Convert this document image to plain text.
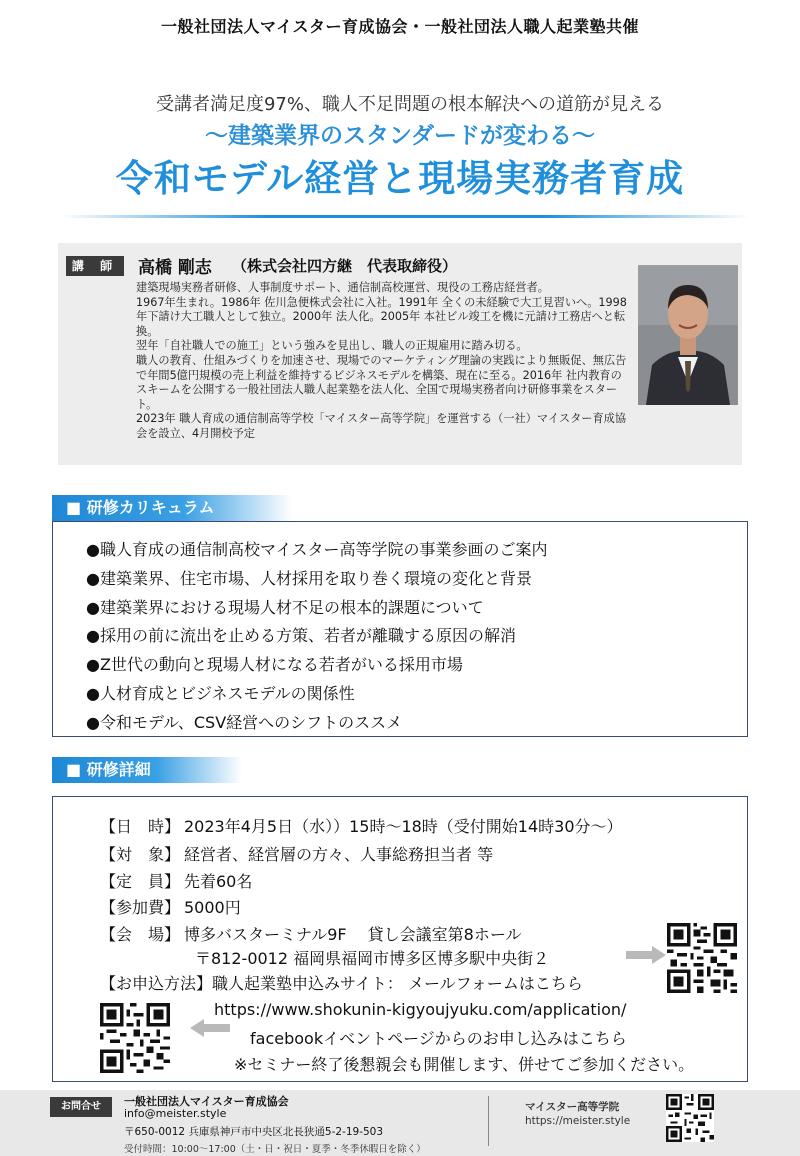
一般社団法人マイスター育成協会・一般社団法人職人起業塾共催
受講者満足度97%、職人不足問題の根本解決への道筋が見える
〜建築業界のスタンダードが変わる〜
令和モデル経営と現場実務者育成
講 師	高橋 剛志 （株式会社四方継　代表取締役）

建築現場実務者研修、人事制度サポート、通信制高校運営、現役の工務店経営者。

1967年生まれ。1986年 佐川急便株式会社に入社。1991年 全くの未経験で大工見習いへ。1998年下請け大工職人として独立。2000年 法人化。2005年 本社ビル竣工を機に元請け工務店へと転換。

翌年「自社職人での施工」という強みを見出し、職人の正規雇用に踏み切る。

職人の教育、仕組みづくりを加速させ、現場でのマーケティング理論の実践により無販促、無広告で年間5億円規模の売上利益を維持するビジネスモデルを構築、現在に至る。2016年 社内教育のスキームを公開する一般社団法人職人起業塾を法人化、全国で現場実務者向け研修事業をスタート。

2023年 職人育成の通信制高等学校「マイスター高等学院」を運営する（一社）マイスター育成協会を設立、4月開校予定

■ 研修カリキュラム
●職人育成の通信制高校マイスター高等学院の事業参画のご案内
●建築業界、住宅市場、人材採用を取り巻く環境の変化と背景
●建築業界における現場人材不足の根本的課題について
●採用の前に流出を止める方策、若者が離職する原因の解消
●Z世代の動向と現場人材になる若者がいる採用市場
●人材育成とビジネスモデルの関係性
●令和モデル、CSV経営へのシフトのススメ
■ 研修詳細
【日　時】 2023年4月5日（水））15時〜18時（受付開始14時30分〜）
【対　象】 経営者、経営層の方々、人事総務担当者 等
【定　員】 先着60名
【参加費】 5000円
【会　場】 博多バスターミナル9F　 貸し会議室第8ホール
〒812-0012 福岡県福岡市博多区博多駅中央街２
【お申込方法】職人起業塾申込みサイト： メールフォームはこちら
https://www.shokunin-kigyoujyuku.com/application/
facebookイベントページからのお申し込みはこちら
※セミナー終了後懇親会も開催します、併せてご参加ください。
お問合せ	一般社団法人マイスター育成協会
info@meister.style
〒650-0012 兵庫県神戸市中央区北長狭通5-2-19-503
受付時間：10:00〜17:00（土・日・祝日・夏季・冬季休暇日を除く）
マイスター高等学院
https://meister.style
